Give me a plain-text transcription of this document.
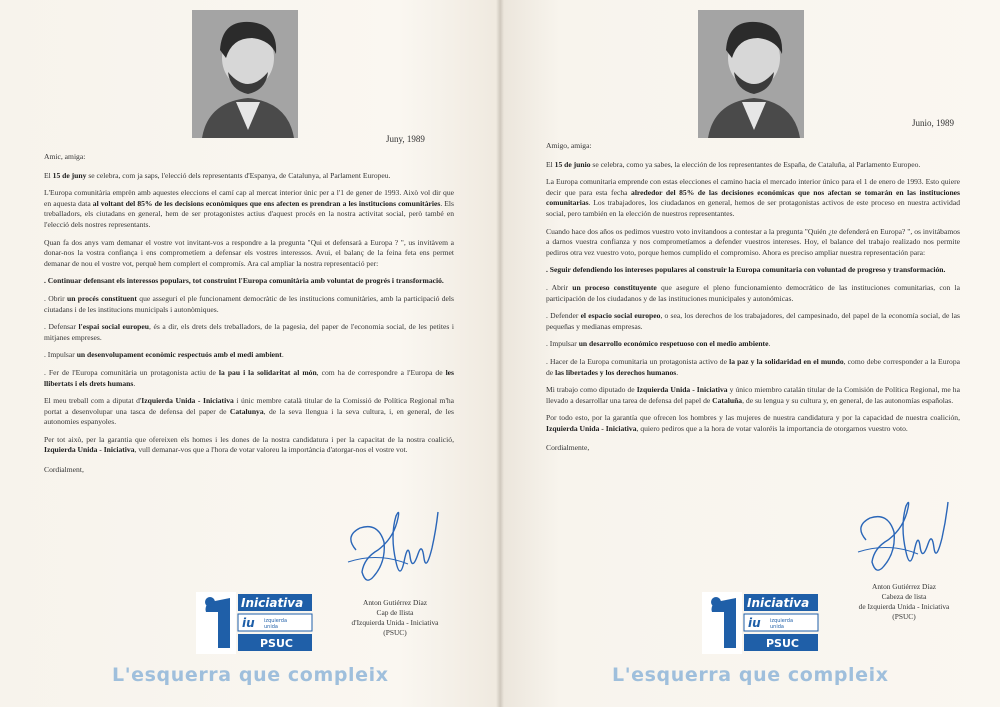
Juny, 1989

Amic, amiga:

El 15 de juny se celebra, com ja saps, l'elecció dels representants d'Espanya, de Catalunya, al Parlament Europeu.

L'Europa comunitària emprèn amb aquestes eleccions el camí cap al mercat interior únic per a l'1 de gener de 1993. Això vol dir que en aquesta data al voltant del 85% de les decisions econòmiques que ens afecten es prendran a les institucions comunitàries. Els treballadors, els ciutadans en general, hem de ser protagonistes actius d'aquest procés en la nostra activitat social, però també en l'elecció dels nostres representants.

Quan fa dos anys vam demanar el vostre vot invitant-vos a respondre a la pregunta "Qui et defensarà a Europa ? ", us invitàvem a donar-nos la vostra confiança i ens comprometíem a defensar els vostres interessos. Avui, el balanç de la feina feta ens permet demanar de nou el vostre vot, perquè hem complert el compromís. Ara cal ampliar la nostra representació per:

. Continuar defensant els interessos populars, tot construint l'Europa comunitària amb voluntat de progrés i transformació.

. Obrir un procés constituent que asseguri el ple funcionament democràtic de les institucions comunitàries, amb la participació dels ciutadans i de les institucions municipals i autonòmiques.

. Defensar l'espai social europeu, és a dir, els drets dels treballadors, de la pagesia, del paper de l'economia social, de les petites i mitjanes empreses.

. Impulsar un desenvolupament econòmic respectuós amb el medi ambient.

. Fer de l'Europa comunitària un protagonista actiu de la pau i la solidaritat al món, com ha de correspondre a l'Europa de les llibertats i els drets humans.

El meu treball com a diputat d'Izquierda Unida - Iniciativa i únic membre català titular de la Comissió de Política Regional m'ha portat a desenvolupar una tasca de defensa del paper de Catalunya, de la seva llengua i la seva cultura, i, en general, de les autonomies espanyoles.

Per tot això, per la garantia que ofereixen els homes i les dones de la nostra candidatura i per la capacitat de la nostra coalició, Izquierda Unida - Iniciativa, vull demanar-vos que a l'hora de votar valoreu la importància d'atorgar-nos el vostre vot.

Cordialment,

Anton Gutiérrez Díaz
Cap de llista
d'Izquierda Unida - Iniciativa
(PSUC)
Iniciativa
iu izquierda
unida
PSUC
L'esquerra que compleix
Junio, 1989

Amigo, amiga:

El 15 de junio se celebra, como ya sabes, la elección de los representantes de España, de Cataluña, al Parlamento Europeo.

La Europa comunitaria emprende con estas elecciones el camino hacia el mercado interior único para el 1 de enero de 1993. Esto quiere decir que para esta fecha alrededor del 85% de las decisiones económicas que nos afectan se tomarán en las instituciones comunitarias. Los trabajadores, los ciudadanos en general, hemos de ser protagonistas activos de este proceso en nuestra actividad social, pero también en la elección de nuestros representantes.

Cuando hace dos años os pedimos vuestro voto invitandoos a contestar a la pregunta "Quién ¿te defenderá en Europa? ", os invitábamos a darnos vuestra confianza y nos comprometíamos a defender vuestros intereses. Hoy, el balance del trabajo realizado nos permite pediros otra vez vuestro voto, porque hemos cumplido el compromiso. Ahora es preciso ampliar nuestra representación para:

. Seguir defendiendo los intereses populares al construir la Europa comunitaria con voluntad de progreso y transformación.

. Abrir un proceso constituyente que asegure el pleno funcionamiento democrático de las instituciones comunitarias, con la participación de los ciudadanos y de las instituciones municipales y autonómicas.

. Defender el espacio social europeo, o sea, los derechos de los trabajadores, del campesinado, del papel de la economía social, de las pequeñas y medianas empresas.

. Impulsar un desarrollo económico respetuoso con el medio ambiente.

. Hacer de la Europa comunitaria un protagonista activo de la paz y la solidaridad en el mundo, como debe corresponder a la Europa de las libertades y los derechos humanos.

Mi trabajo como diputado de Izquierda Unida - Iniciativa y único miembro catalán titular de la Comisión de Política Regional, me ha llevado a desarrollar una tarea de defensa del papel de Cataluña, de su lengua y su cultura y, en general, de las autonomías españolas.

Por todo esto, por la garantía que ofrecen los hombres y las mujeres de nuestra candidatura y por la capacidad de nuestra coalición, Izquierda Unida - Iniciativa, quiero pediros que a la hora de votar valoréis la importancia de otorgarnos vuestro voto.

Cordialmente,

Anton Gutiérrez Díaz
Cabeza de lista
de Izquierda Unida - Iniciativa
(PSUC)
Iniciativa
iu izquierda
unida
PSUC
L'esquerra que compleix
